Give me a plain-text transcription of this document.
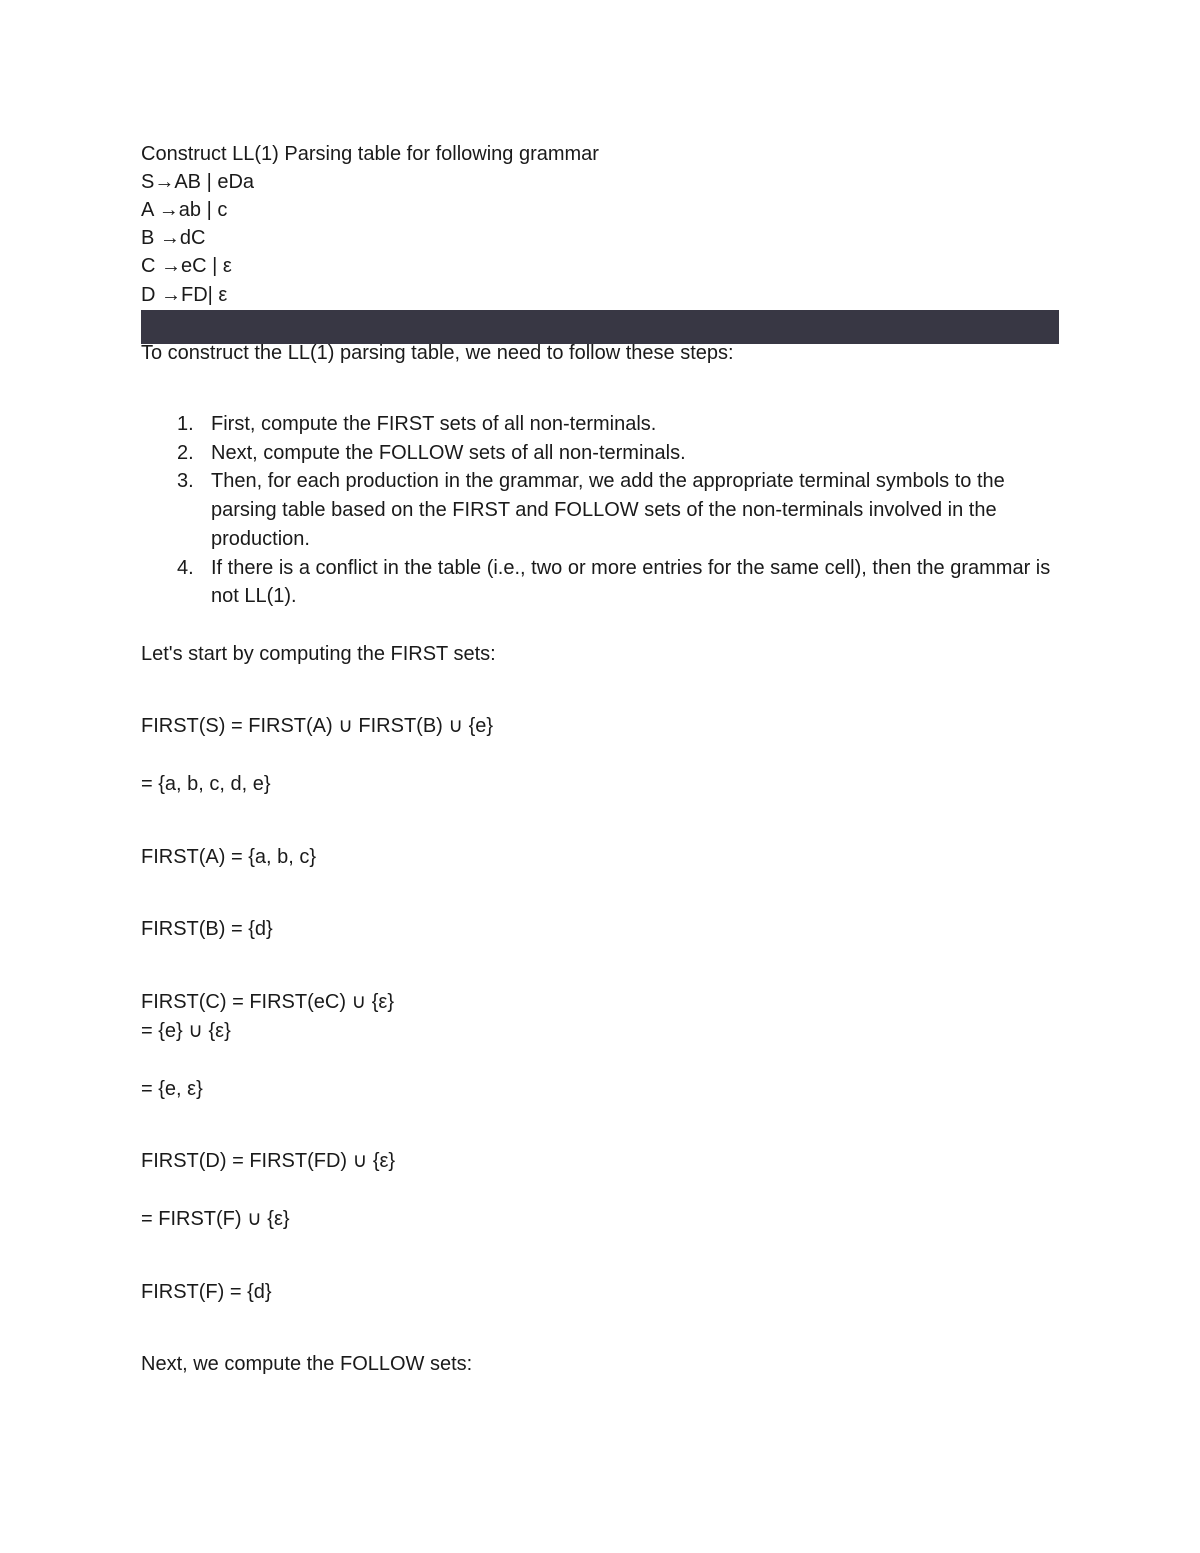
Construct LL(1) Parsing table for following grammar
S→AB | eDa
A →ab | c
B →dC
C →eC | ε
D →FD| ε
To construct the LL(1) parsing table, we need to follow these steps:
1. First, compute the FIRST sets of all non-terminals.
2. Next, compute the FOLLOW sets of all non-terminals.
3. Then, for each production in the grammar, we add the appropriate terminal symbols to the parsing table based on the FIRST and FOLLOW sets of the non-terminals involved in the production.
4. If there is a conflict in the table (i.e., two or more entries for the same cell), then the grammar is not LL(1).
Let's start by computing the FIRST sets:
FIRST(S) = FIRST(A) ∪ FIRST(B) ∪ {e}
= {a, b, c, d, e}
FIRST(A) = {a, b, c}
FIRST(B) = {d}
FIRST(C) = FIRST(eC) ∪ {ε}
= {e} ∪ {ε}
= {e, ε}
FIRST(D) = FIRST(FD) ∪ {ε}
= FIRST(F) ∪ {ε}
FIRST(F) = {d}
Next, we compute the FOLLOW sets:
